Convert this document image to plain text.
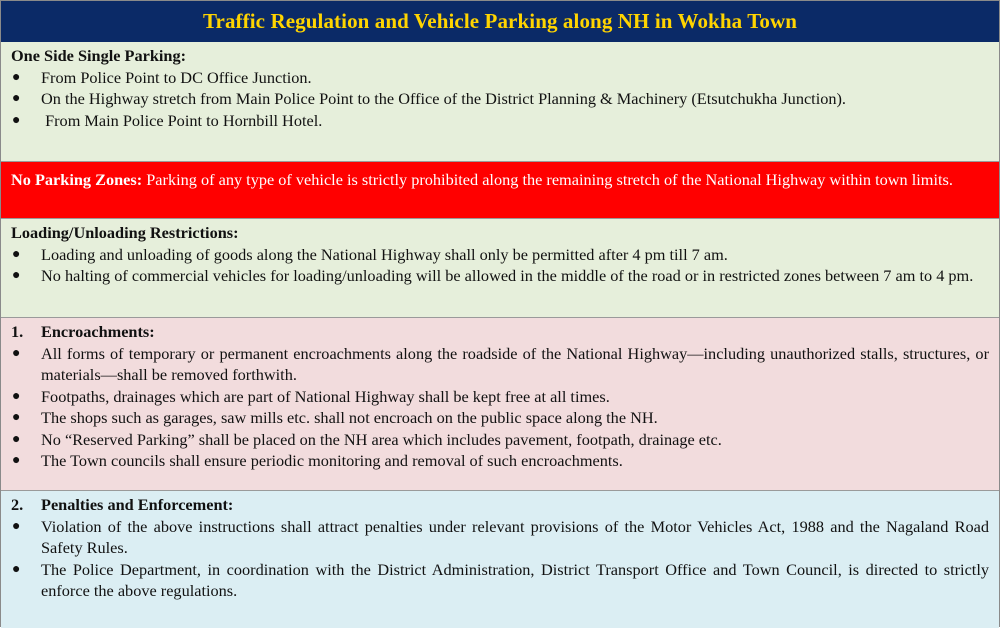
Traffic Regulation and Vehicle Parking along NH in Wokha Town
One Side Single Parking:
●	From Police Point to DC Office Junction.
●	On the Highway stretch from Main Police Point to the Office of the District Planning & Machinery (Etsutchukha Junction).
●	From Main Police Point to Hornbill Hotel.
No Parking Zones: Parking of any type of vehicle is strictly prohibited along the remaining stretch of the National Highway within town limits.
Loading/Unloading Restrictions:
●	Loading and unloading of goods along the National Highway shall only be permitted after 4 pm till 7 am.
●	No halting of commercial vehicles for loading/unloading will be allowed in the middle of the road or in restricted zones between 7 am to 4 pm.
1. Encroachments:
●	All forms of temporary or permanent encroachments along the roadside of the National Highway—including unauthorized stalls, structures, or materials—shall be removed forthwith.
●	Footpaths, drainages which are part of National Highway shall be kept free at all times.
●	The shops such as garages, saw mills etc. shall not encroach on the public space along the NH.
●	No “Reserved Parking” shall be placed on the NH area which includes pavement, footpath, drainage etc.
●	The Town councils shall ensure periodic monitoring and removal of such encroachments.
2. Penalties and Enforcement:
●	Violation of the above instructions shall attract penalties under relevant provisions of the Motor Vehicles Act, 1988 and the Nagaland Road Safety Rules.
●	The Police Department, in coordination with the District Administration, District Transport Office and Town Council, is directed to strictly enforce the above regulations.
